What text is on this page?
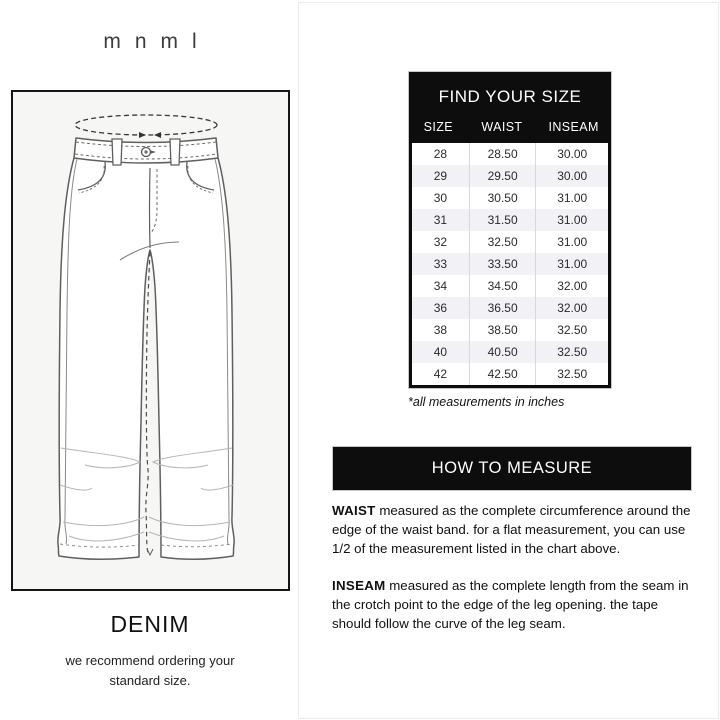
mnml
DENIM
we recommend ordering your standard size.
FIND YOUR SIZE
SIZE	WAIST	INSEAM
28	28.50	30.00
29	29.50	30.00
30	30.50	31.00
31	31.50	31.00
32	32.50	31.00
33	33.50	31.00
34	34.50	32.00
36	36.50	32.00
38	38.50	32.50
40	40.50	32.50
42	42.50	32.50
*all measurements in inches
HOW TO MEASURE
WAIST measured as the complete circumference around the edge of the waist band. for a flat measurement, you can use 1/2 of the measurement listed in the chart above.
INSEAM measured as the complete length from the seam in the crotch point to the edge of the leg opening. the tape should follow the curve of the leg seam.
